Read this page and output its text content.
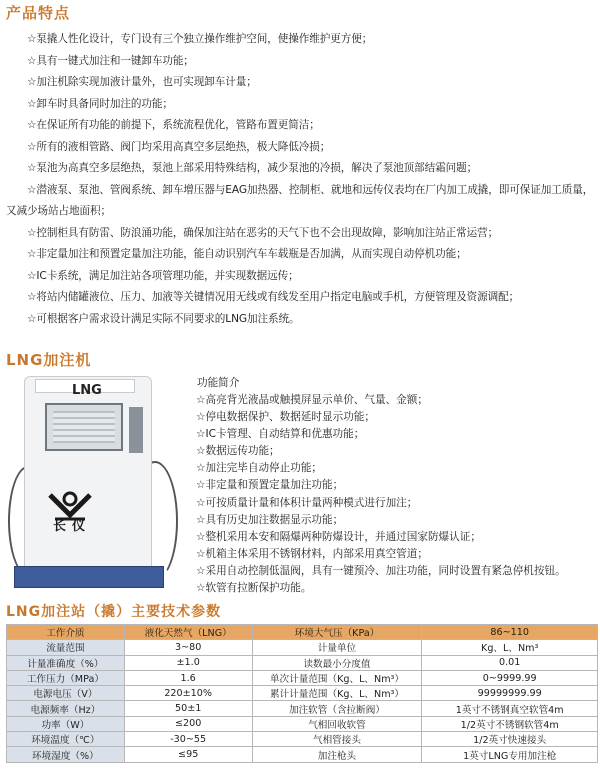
产品特点
☆泵撬人性化设计，专门设有三个独立操作维护空间，使操作维护更方便；
☆具有一键式加注和一键卸车功能；
☆加注机除实现加液计量外，也可实现卸车计量；
☆卸车时具备同时加注的功能；
☆在保证所有功能的前提下，系统流程优化，管路布置更简洁；
☆所有的液相管路、阀门均采用高真空多层绝热，极大降低冷损；
☆泵池为高真空多层绝热，泵池上部采用特殊结构，减少泵池的冷损，解决了泵池顶部结霜问题；
☆潜液泵、泵池、管阀系统、卸车增压器与EAG加热器、控制柜、就地和远传仪表均在厂内加工成撬，即可保证加工质量，又减少场站占地面积；
☆控制柜具有防雷、防浪涌功能，确保加注站在恶劣的天气下也不会出现故障，影响加注站正常运营；
☆非定量加注和预置定量加注功能，能自动识别汽车车载瓶是否加满，从而实现自动停机功能；
☆IC卡系统，满足加注站各项管理功能，并实现数据远传；
☆将站内储罐液位、压力、加液等关键情况用无线或有线发至用户指定电脑或手机，方便管理及资源调配；
☆可根据客户需求设计满足实际不同要求的LNG加注系统。
LNG加注机
LNG
长仪
功能简介
☆高亮背光液晶或触摸屏显示单价、气量、金额；
☆停电数据保护、数据延时显示功能；
☆IC卡管理、自动结算和优惠功能；
☆数据远传功能；
☆加注完毕自动停止功能；
☆非定量和预置定量加注功能；
☆可按质量计量和体积计量两种模式进行加注；
☆具有历史加注数据显示功能；
☆整机采用本安和隔爆两种防爆设计，并通过国家防爆认证；
☆机箱主体采用不锈钢材料，内部采用真空管道；
☆采用自动控制低温阀，具有一键预冷、加注功能，同时设置有紧急停机按钮。
☆软管有拉断保护功能。
LNG加注站（撬）主要技术参数
工作介质	液化天然气（LNG）	环境大气压（KPa）	86~110
流量范围	3~80	计量单位	Kg、L、Nm³
计量准确度（%）	±1.0	读数最小分度值	0.01
工作压力（MPa）	1.6	单次计量范围（Kg、L、Nm³）	0~9999.99
电源电压（V）	220±10%	累计计量范围（Kg、L、Nm³）	99999999.99
电源频率（Hz）	50±1	加注软管（含拉断阀）	1英寸不锈钢真空软管4m
功率（W）	≤200	气相回收软管	1/2英寸不锈钢软管4m
环境温度（℃）	-30~55	气相管接头	1/2英寸快速接头
环境湿度（%）	≤95	加注枪头	1英寸LNG专用加注枪
